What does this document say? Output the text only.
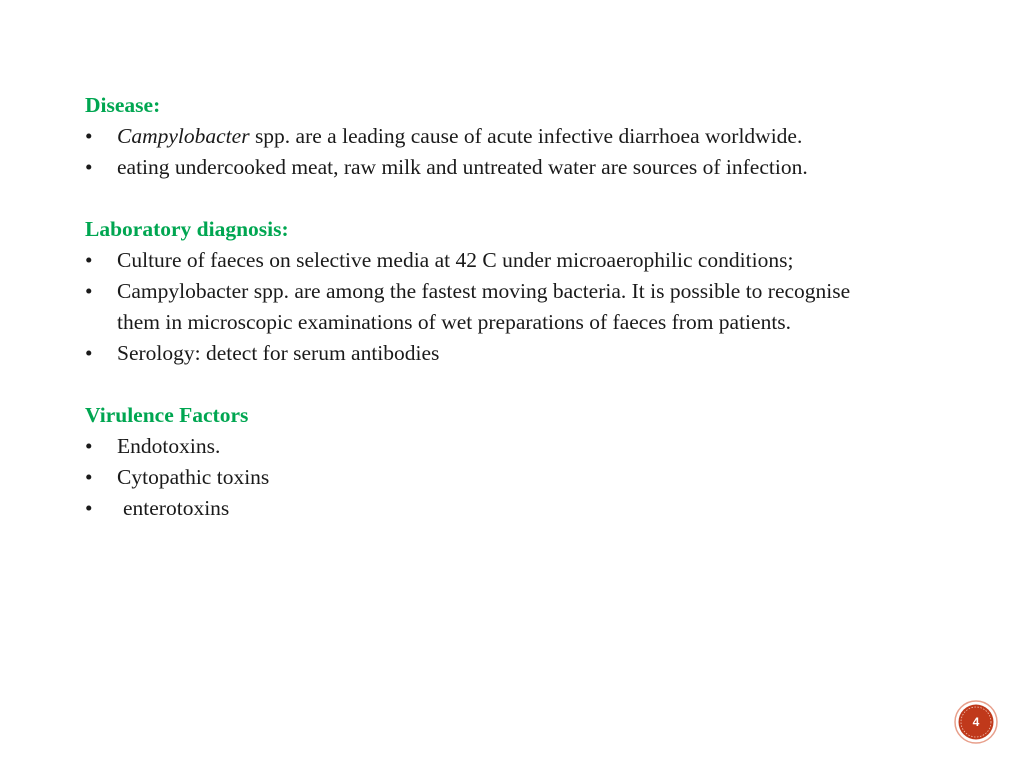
Disease:
•	Campylobacter spp. are a leading cause of acute infective diarrhoea worldwide.
•	eating undercooked meat, raw milk and untreated water are sources of infection.
Laboratory diagnosis:
•	Culture of faeces on selective media at 42 C under microaerophilic conditions;
•	Campylobacter spp. are among the fastest moving bacteria. It is possible to recognise them in microscopic examinations of wet preparations of faeces from patients.
•	Serology: detect for serum antibodies
Virulence Factors
•	Endotoxins.
•	Cytopathic toxins
•	enterotoxins
4
